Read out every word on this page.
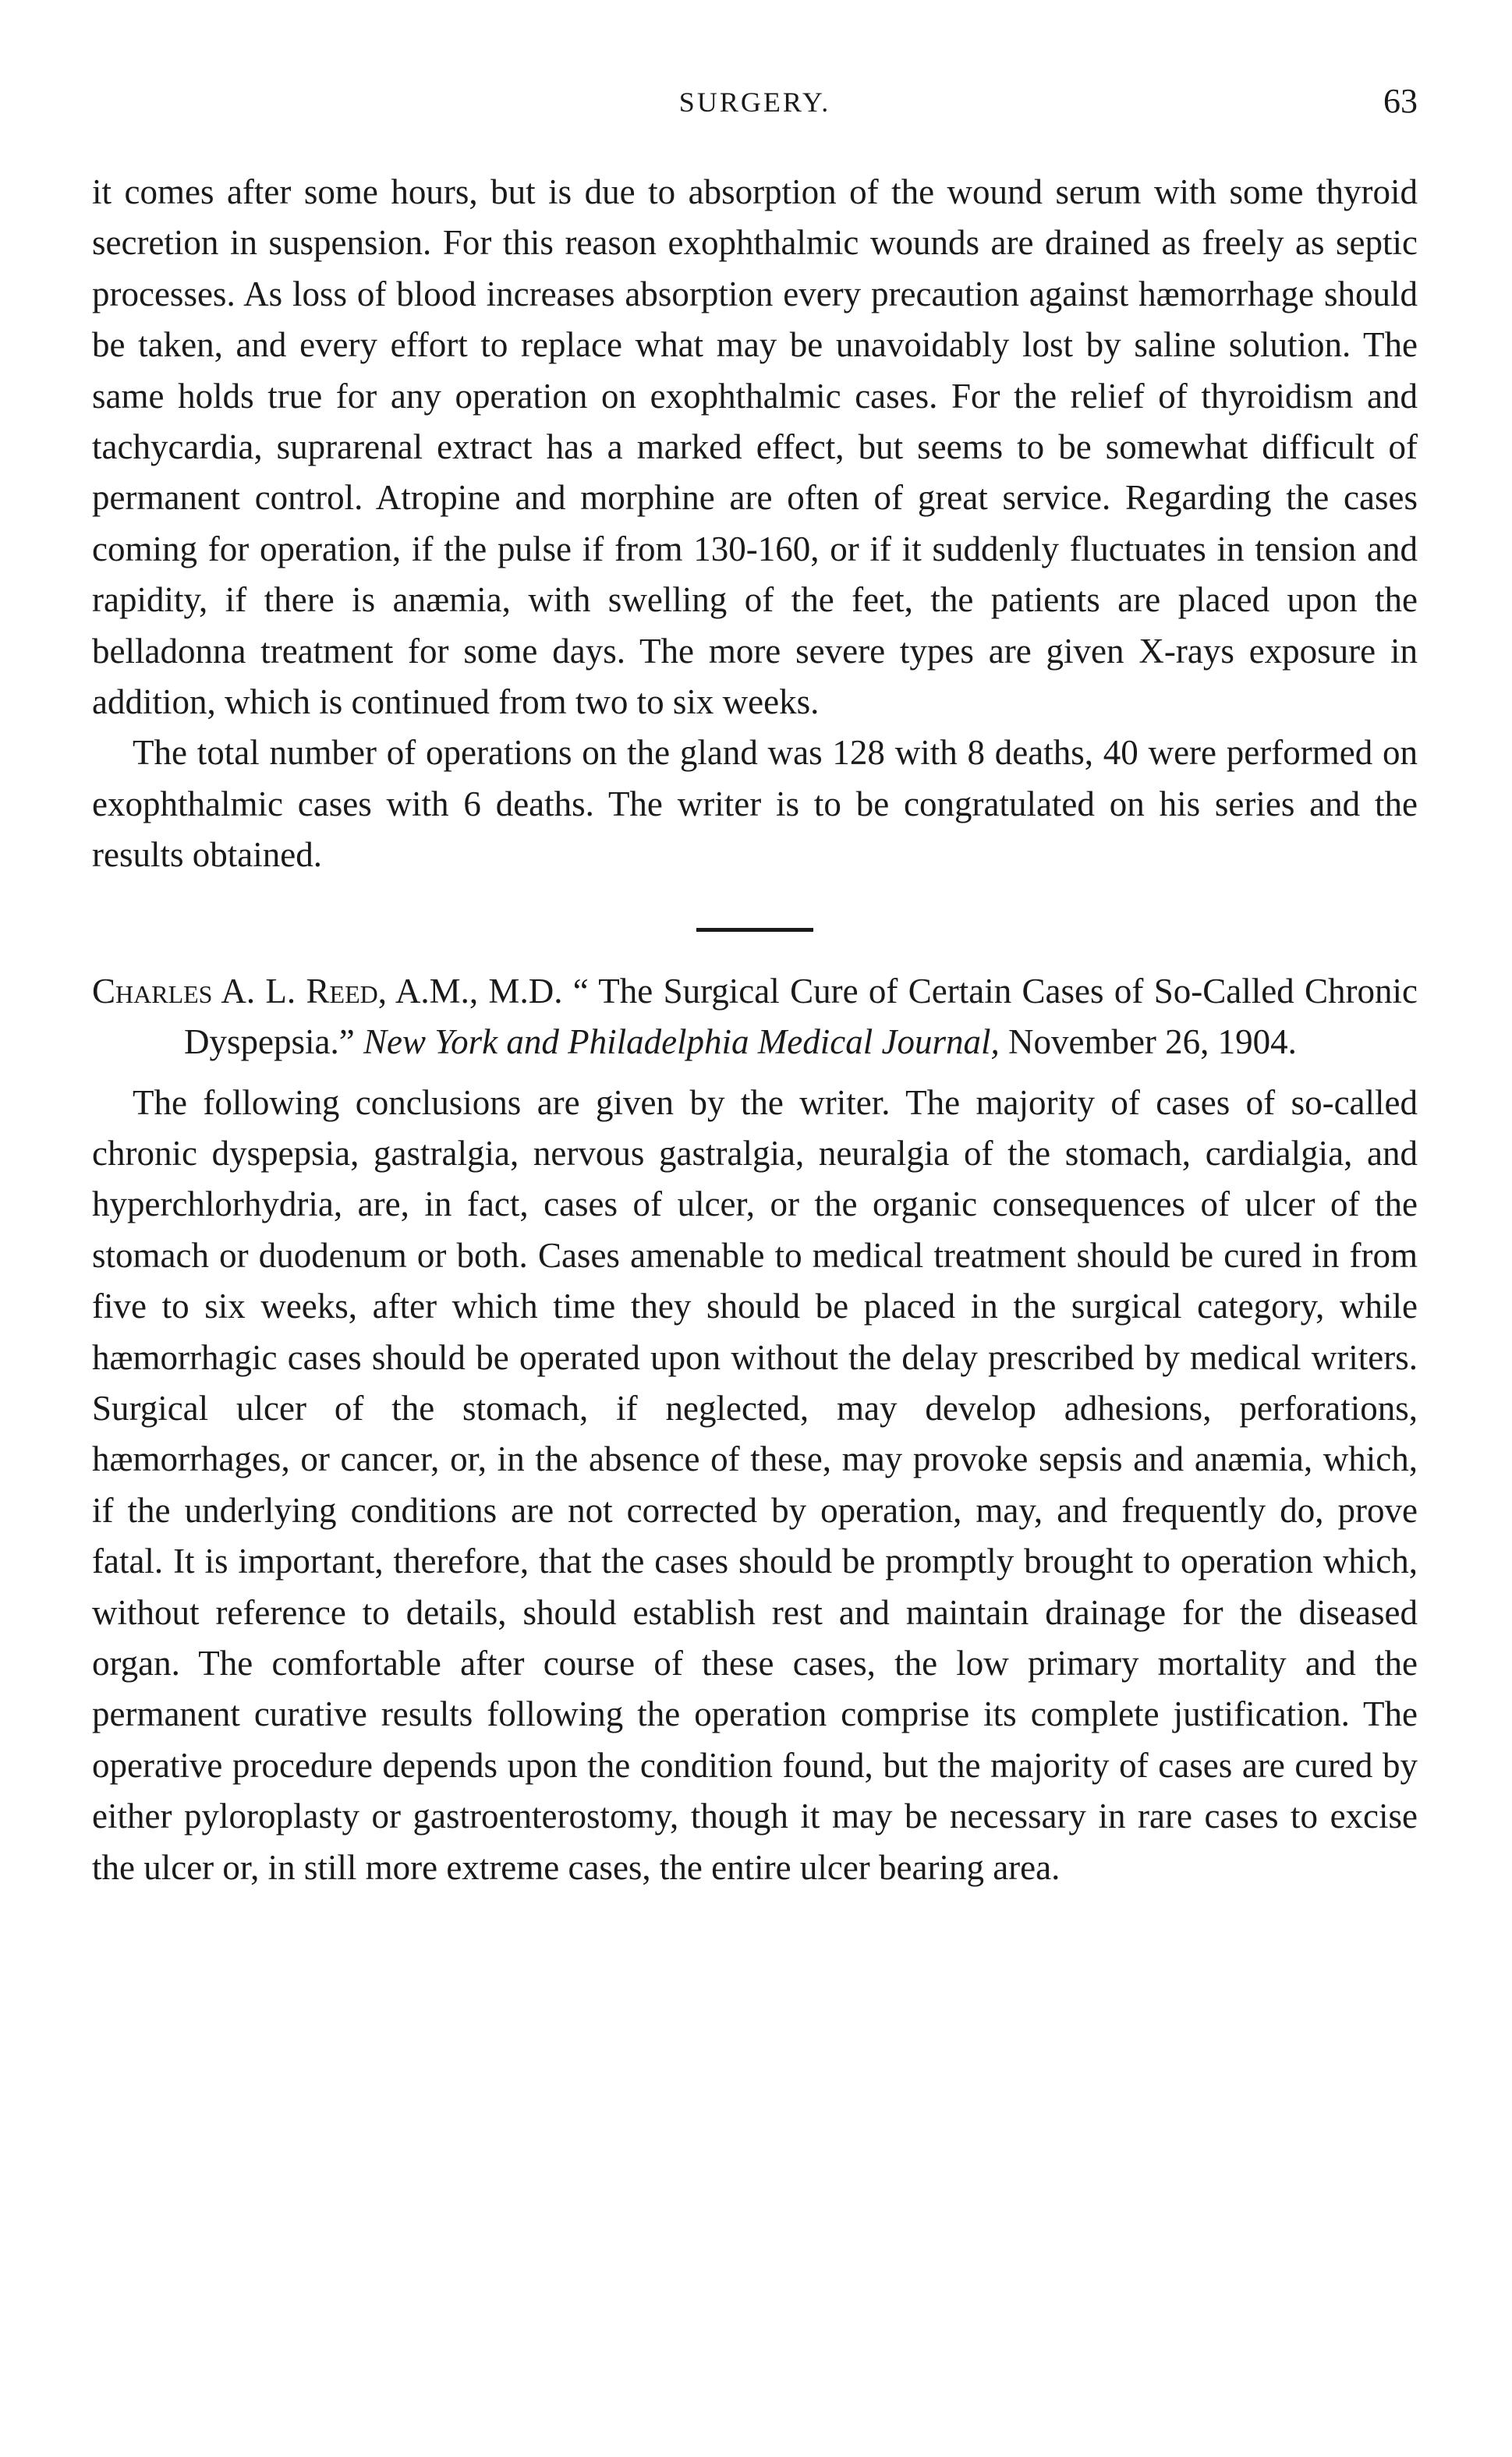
SURGERY.	63

it comes after some hours, but is due to absorption of the wound serum with some thyroid secretion in suspension. For this reason exophthalmic wounds are drained as freely as septic processes. As loss of blood increases absorption every precaution against hæmorrhage should be taken, and every effort to replace what may be unavoidably lost by saline solution. The same holds true for any operation on exophthalmic cases. For the relief of thyroidism and tachycardia, suprarenal extract has a marked effect, but seems to be somewhat difficult of permanent control. Atropine and morphine are often of great service. Regarding the cases coming for operation, if the pulse if from 130-160, or if it suddenly fluctuates in tension and rapidity, if there is anæmia, with swelling of the feet, the patients are placed upon the belladonna treatment for some days. The more severe types are given X-rays exposure in addition, which is continued from two to six weeks.

The total number of operations on the gland was 128 with 8 deaths, 40 were performed on exophthalmic cases with 6 deaths. The writer is to be congratulated on his series and the results obtained.

Charles A. L. Reed, A.M., M.D. “ The Surgical Cure of Certain Cases of So-Called Chronic Dyspepsia.” New York and Philadelphia Medical Journal, November 26, 1904.

The following conclusions are given by the writer. The majority of cases of so-called chronic dyspepsia, gastralgia, nervous gastralgia, neuralgia of the stomach, cardialgia, and hyperchlorhydria, are, in fact, cases of ulcer, or the organic consequences of ulcer of the stomach or duodenum or both. Cases amenable to medical treatment should be cured in from five to six weeks, after which time they should be placed in the surgical category, while hæmorrhagic cases should be operated upon without the delay prescribed by medical writers. Surgical ulcer of the stomach, if neglected, may develop adhesions, perforations, hæmorrhages, or cancer, or, in the absence of these, may provoke sepsis and anæmia, which, if the underlying conditions are not corrected by operation, may, and frequently do, prove fatal. It is important, therefore, that the cases should be promptly brought to operation which, without reference to details, should establish rest and maintain drainage for the diseased organ. The comfortable after course of these cases, the low primary mortality and the permanent curative results following the operation comprise its complete justification. The operative procedure depends upon the condition found, but the majority of cases are cured by either pyloroplasty or gastroenterostomy, though it may be necessary in rare cases to excise the ulcer or, in still more extreme cases, the entire ulcer bearing area.
